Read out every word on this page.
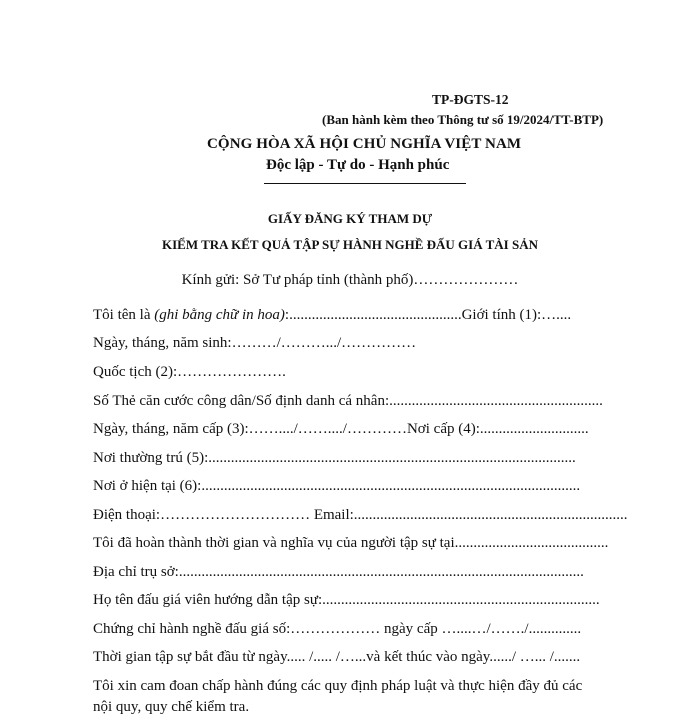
TP-ĐGTS-12
(Ban hành kèm theo Thông tư số 19/2024/TT-BTP)
CỘNG HÒA XÃ HỘI CHỦ NGHĨA VIỆT NAM
Độc lập - Tự do - Hạnh phúc
GIẤY ĐĂNG KÝ THAM DỰ
KIỂM TRA KẾT QUẢ TẬP SỰ HÀNH NGHỀ ĐẤU GIÁ TÀI SẢN
Kính gửi: Sở Tư pháp tỉnh (thành phố)…………………
Tôi tên là (ghi bằng chữ in hoa):..............................................Giới tính (1):…....
Ngày, tháng, năm sinh:………/……….../……………
Quốc tịch (2):………………….
Số Thẻ căn cước công dân/Số định danh cá nhân:.........................................................
Ngày, tháng, năm cấp (3):……..../……..../…………Nơi cấp (4):.............................
Nơi thường trú (5):..................................................................................................
Nơi ở hiện tại (6):.....................................................................................................
Điện thoại:………………………… Email:.........................................................................
Tôi đã hoàn thành thời gian và nghĩa vụ của người tập sự tại.........................................
Địa chỉ trụ sở:............................................................................................................
Họ tên đấu giá viên hướng dẫn tập sự:..........................................................................
Chứng chỉ hành nghề đấu giá số:……………… ngày cấp …....…/……./..............
Thời gian tập sự bắt đầu từ ngày..... /..... /…...và kết thúc vào ngày....../ …... /.......
Tôi xin cam đoan chấp hành đúng các quy định pháp luật và thực hiện đầy đủ các
nội quy, quy chế kiểm tra.
